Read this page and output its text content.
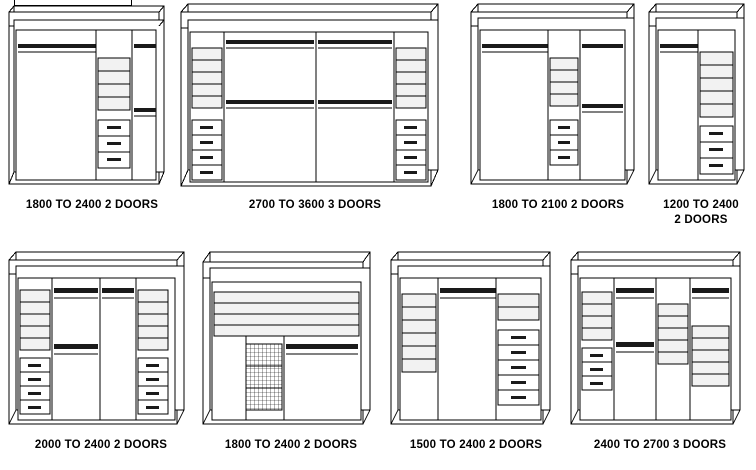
1800 TO 2400 2 DOORS	2700 TO 3600 3 DOORS	1800 TO 2100 2 DOORS	1200 TO 2400
2 DOORS
2000 TO 2400 2 DOORS	1800 TO 2400 2 DOORS	1500 TO 2400 2 DOORS	2400 TO 2700 3 DOORS
